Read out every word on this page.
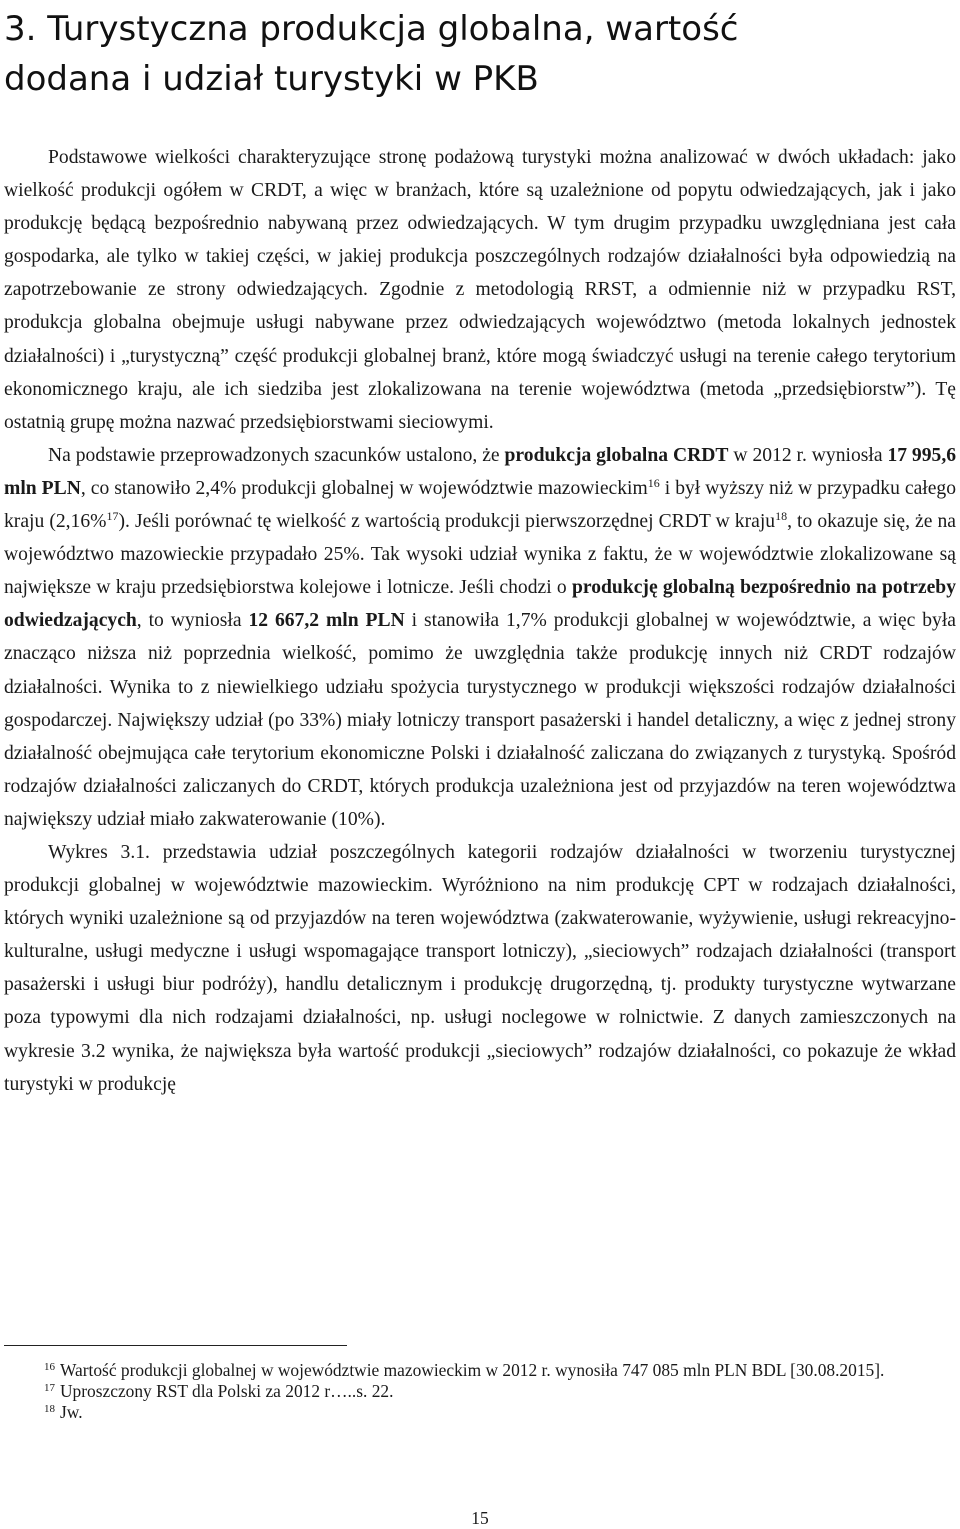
3. Turystyczna produkcja globalna, wartość
dodana i udział turystyki w PKB

Podstawowe wielkości charakteryzujące stronę podażową turystyki można analizować w dwóch układach: jako wielkość produkcji ogółem w CRDT, a więc w branżach, które są uzależnione od popytu odwiedzających, jak i jako produkcję będącą bezpośrednio nabywaną przez odwiedzających. W tym drugim przypadku uwzględniana jest cała gospodarka, ale tylko w takiej części, w jakiej produkcja poszczególnych rodzajów działalności była odpowiedzią na zapotrzebowanie ze strony odwiedzających. Zgodnie z metodologią RRST, a odmiennie niż w przypadku RST, produkcja globalna obejmuje usługi nabywane przez odwiedzających województwo (metoda lokalnych jednostek działalności) i „turystyczną” część produkcji globalnej branż, które mogą świadczyć usługi na terenie całego terytorium ekonomicznego kraju, ale ich siedziba jest zlokalizowana na terenie województwa (metoda „przedsiębiorstw”). Tę ostatnią grupę można nazwać przedsiębiorstwami sieciowymi.

Na podstawie przeprowadzonych szacunków ustalono, że produkcja globalna CRDT w 2012 r. wyniosła 17 995,6 mln PLN, co stanowiło 2,4% produkcji globalnej w województwie mazowieckim$^{16}$ i był wyższy niż w przypadku całego kraju (2,16%$^{17}$). Jeśli porównać tę wielkość z wartością produkcji pierwszorzędnej CRDT w kraju$^{18}$, to okazuje się, że na województwo mazowieckie przypadało 25%. Tak wysoki udział wynika z faktu, że w województwie zlokalizowane są największe w kraju przedsiębiorstwa kolejowe i lotnicze. Jeśli chodzi o produkcję globalną bezpośrednio na potrzeby odwiedzających, to wyniosła 12 667,2 mln PLN i stanowiła 1,7% produkcji globalnej w województwie, a więc była znacząco niższa niż poprzednia wielkość, pomimo że uwzględnia także produkcję innych niż CRDT rodzajów działalności. Wynika to z niewielkiego udziału spożycia turystycznego w produkcji większości rodzajów działalności gospodarczej. Największy udział (po 33%) miały lotniczy transport pasażerski i handel detaliczny, a więc z jednej strony działalność obejmująca całe terytorium ekonomiczne Polski i działalność zaliczana do związanych z turystyką. Spośród rodzajów działalności zaliczanych do CRDT, których produkcja uzależniona jest od przyjazdów na teren województwa największy udział miało zakwaterowanie (10%).

Wykres 3.1. przedstawia udział poszczególnych kategorii rodzajów działalności w tworzeniu turystycznej produkcji globalnej w województwie mazowieckim. Wyróżniono na nim produkcję CPT w rodzajach działalności, których wyniki uzależnione są od przyjazdów na teren województwa (zakwaterowanie, wyżywienie, usługi rekreacyjno-kulturalne, usługi medyczne i usługi wspomagające transport lotniczy), „sieciowych” rodzajach działalności (transport pasażerski i usługi biur podróży), handlu detalicznym i produkcję drugorzędną, tj. produkty turystyczne wytwarzane poza typowymi dla nich rodzajami działalności, np. usługi noclegowe w rolnictwie. Z danych zamieszczonych na wykresie 3.2 wynika, że największa była wartość produkcji „sieciowych” rodzajów działalności, co pokazuje że wkład turystyki w produkcję

$^{16}$ Wartość produkcji globalnej w województwie mazowieckim w 2012 r. wynosiła 747 085 mln PLN BDL [30.08.2015].

$^{17}$ Uproszczony RST dla Polski za 2012 r…..s. 22.

$^{18}$ Jw.

15
